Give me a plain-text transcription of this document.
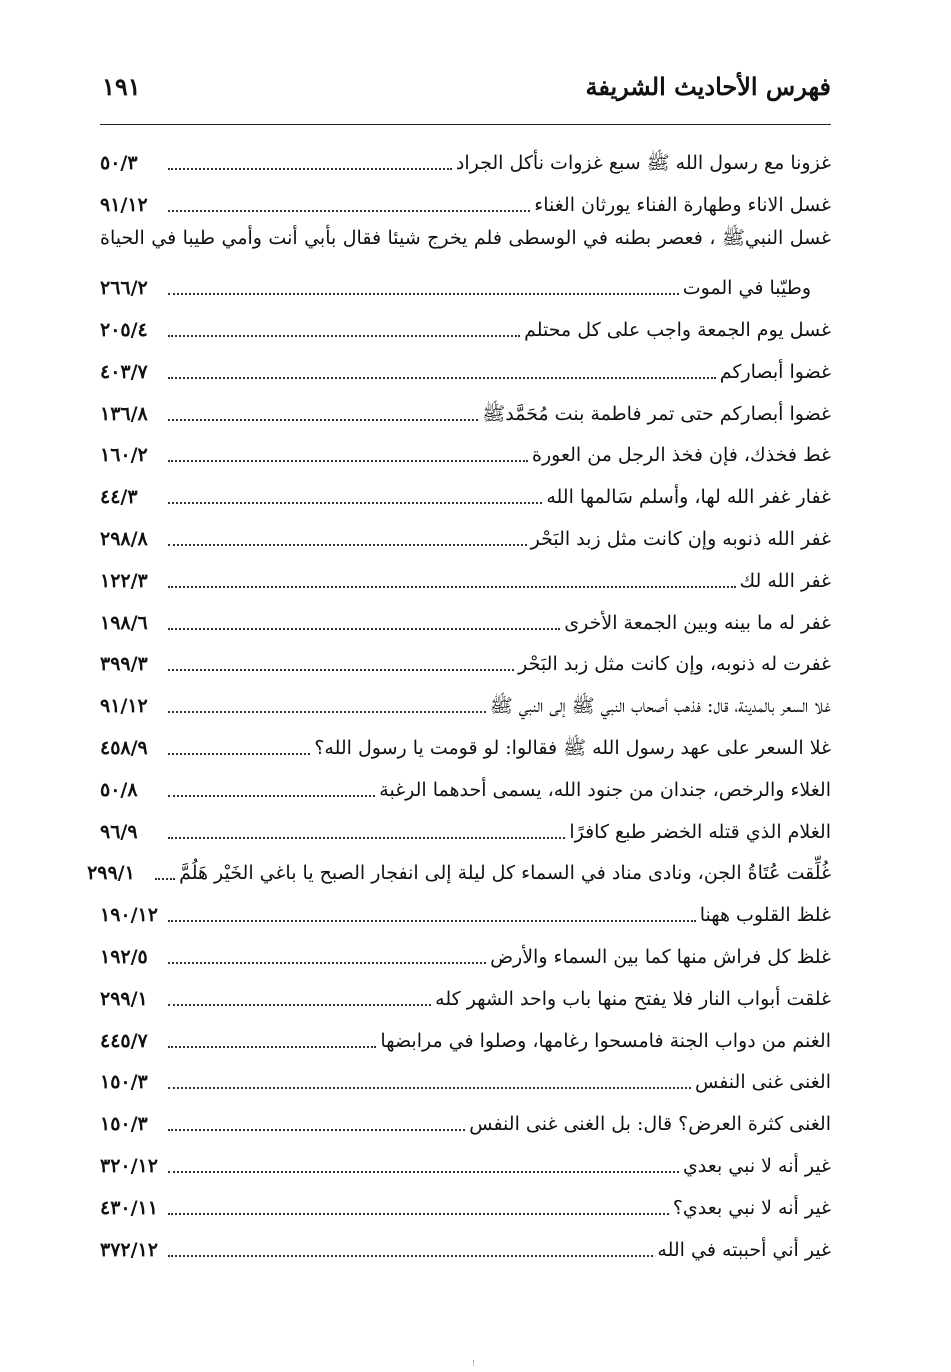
فهرس الأحاديث الشريفة
١٩١
غزونا مع رسول الله ﷺ سبع غزوات نأكل الجراد
٥٠/٣
غسل الاناء وطهارة الفناء يورثان الغناء
٩١/١٢
غسل النبيﷺ ، فعصر بطنه في الوسطى فلم يخرج شيئا فقال بأبي أنت وأمي طيبا في الحياة
وطيّبا في الموت
٢٦٦/٢
غسل يوم الجمعة واجب على كل محتلم
٢٠٥/٤
غضوا أبصاركم
٤٠٣/٧
غضوا أبصاركم حتى تمر فاطمة بنت مُحَمَّدﷺ
١٣٦/٨
غط فخذك، فإن فخذ الرجل من العورة
١٦٠/٢
غفار غفر الله لها، وأسلم سَالمها الله
٤٤/٣
غفر الله ذنوبه وإن كانت مثل زبد البَحْر
٢٩٨/٨
غفر الله لك
١٢٢/٣
غفر له ما بينه وبين الجمعة الأخرى
١٩٨/٦
غفرت له ذنوبه، وإن كانت مثل زبد البَحْر
٣٩٩/٣
غلا السعر بالمدينة، قال: فذهب أصحاب النبي ﷺ إلى النبي ﷺ
٩١/١٢
غلا السعر على عهد رسول الله ﷺ فقالوا: لو قومت يا رسول الله؟
٤٥٨/٩
الغلاء والرخص، جندان من جنود الله، يسمى أحدهما الرغبة
٥٠/٨
الغلام الذي قتله الخضر طبع كافرًا
٩٦/٩
غُلِّقت عُتَاةُ الجن، ونادى مناد في السماء كل ليلة إلى انفجار الصبح يا باغي الخَيْر هَلُمَّ
٢٩٩/١
غلظ القلوب ههنا
١٩٠/١٢
غلظ كل فراش منها كما بين السماء والأرض
١٩٢/٥
غلقت أبواب النار فلا يفتح منها باب واحد الشهر كله
٢٩٩/١
الغنم من دواب الجنة فامسحوا رغامها، وصلوا في مرابضها
٤٤٥/٧
الغنى غنى النفس
١٥٠/٣
الغنى كثرة العرض؟ قال: بل الغنى غنى النفس
١٥٠/٣
غير أنه لا نبي بعدي
٣٢٠/١٢
غير أنه لا نبي بعدي؟
٤٣٠/١١
غير أني أحببته في الله
٣٧٢/١٢
